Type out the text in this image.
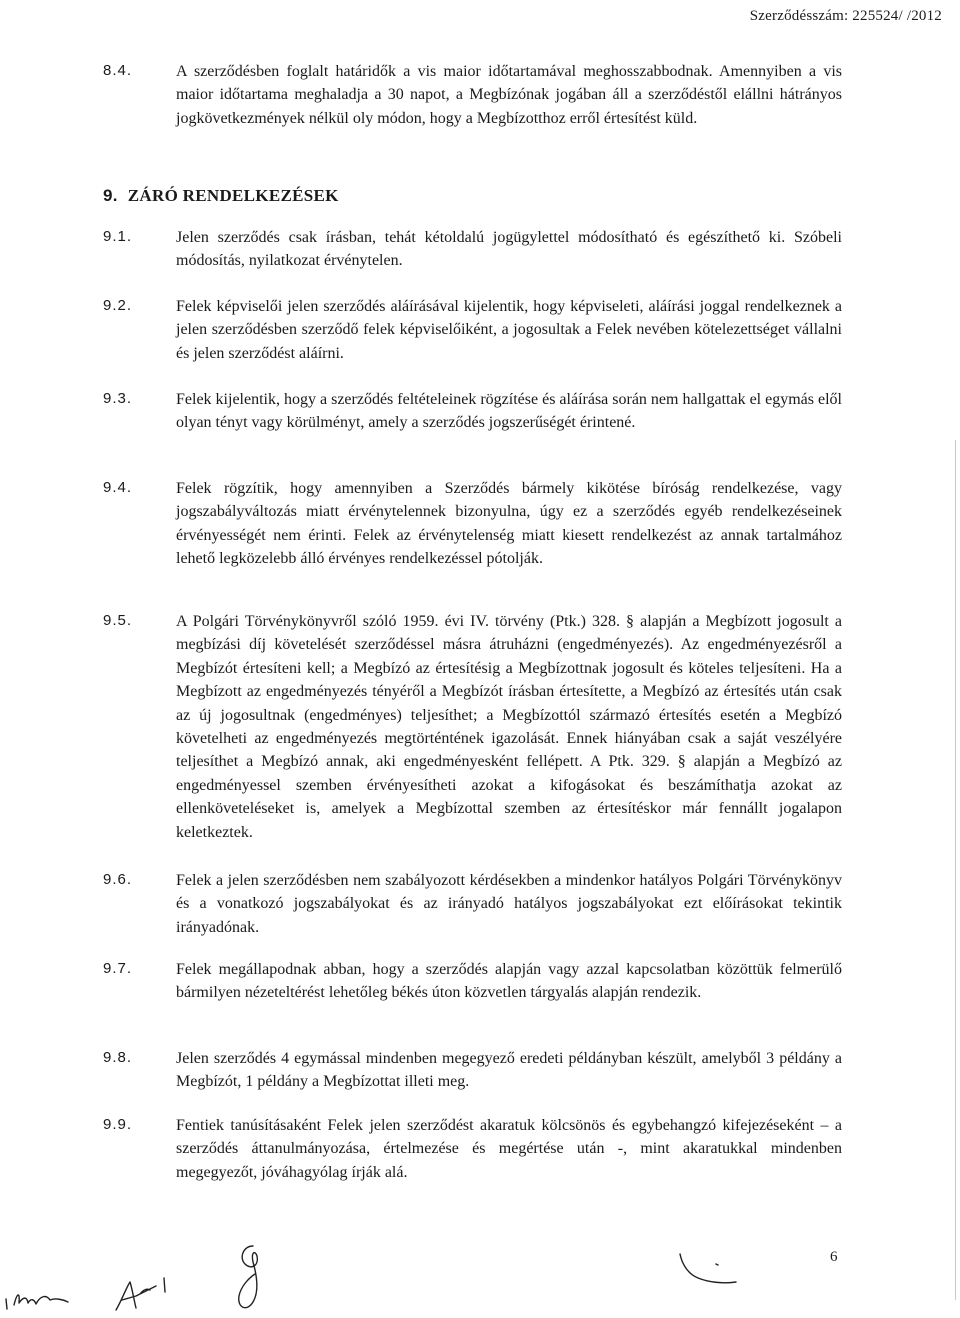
Szerződésszám: 225524/ /2012
8.4.	A szerződésben foglalt határidők a vis maior időtartamával meghosszabbodnak. Amennyiben a vis maior időtartama meghaladja a 30 napot, a Megbízónak jogában áll a szerződéstől elállni hátrányos jogkövetkezmények nélkül oly módon, hogy a Megbízotthoz erről értesítést küld.

9. ZÁRÓ RENDELKEZÉSEK
9.1.	Jelen szerződés csak írásban, tehát kétoldalú jogügylettel módosítható és egészíthető ki. Szóbeli módosítás, nyilatkozat érvénytelen.

9.2.	Felek képviselői jelen szerződés aláírásával kijelentik, hogy képviseleti, aláírási joggal rendelkeznek a jelen szerződésben szerződő felek képviselőiként, a jogosultak a Felek nevében kötelezettséget vállalni és jelen szerződést aláírni.

9.3.	Felek kijelentik, hogy a szerződés feltételeinek rögzítése és aláírása során nem hallgattak el egymás elől olyan tényt vagy körülményt, amely a szerződés jogszerűségét érintené.

9.4.	Felek rögzítik, hogy amennyiben a Szerződés bármely kikötése bíróság rendelkezése, vagy jogszabályváltozás miatt érvénytelennek bizonyulna, úgy ez a szerződés egyéb rendelkezéseinek érvényességét nem érinti. Felek az érvénytelenség miatt kiesett rendelkezést az annak tartalmához lehető legközelebb álló érvényes rendelkezéssel pótolják.

9.5.	A Polgári Törvénykönyvről szóló 1959. évi IV. törvény (Ptk.) 328. § alapján a Megbízott jogosult a megbízási díj követelését szerződéssel másra átruházni (engedményezés). Az engedményezésről a Megbízót értesíteni kell; a Megbízó az értesítésig a Megbízottnak jogosult és köteles teljesíteni. Ha a Megbízott az engedményezés tényéről a Megbízót írásban értesítette, a Megbízó az értesítés után csak az új jogosultnak (engedményes) teljesíthet; a Megbízottól származó értesítés esetén a Megbízó követelheti az engedményezés megtörténtének igazolását. Ennek hiányában csak a saját veszélyére teljesíthet a Megbízó annak, aki engedményesként fellépett. A Ptk. 329. § alapján a Megbízó az engedményessel szemben érvényesítheti azokat a kifogásokat és beszámíthatja azokat az ellenköveteléseket is, amelyek a Megbízottal szemben az értesítéskor már fennállt jogalapon keletkeztek.

9.6.	Felek a jelen szerződésben nem szabályozott kérdésekben a mindenkor hatályos Polgári Törvénykönyv és a vonatkozó jogszabályokat és az irányadó hatályos jogszabályokat ezt előírásokat tekintik irányadónak.

9.7.	Felek megállapodnak abban, hogy a szerződés alapján vagy azzal kapcsolatban közöttük felmerülő bármilyen nézeteltérést lehetőleg békés úton közvetlen tárgyalás alapján rendezik.

9.8.	Jelen szerződés 4 egymással mindenben megegyező eredeti példányban készült, amelyből 3 példány a Megbízót, 1 példány a Megbízottat illeti meg.

9.9.	Fentiek tanúsításaként Felek jelen szerződést akaratuk kölcsönös és egybehangzó kifejezéseként – a szerződés áttanulmányozása, értelmezése és megértése után -, mint akaratukkal mindenben megegyezőt, jóváhagyólag írják alá.

6
